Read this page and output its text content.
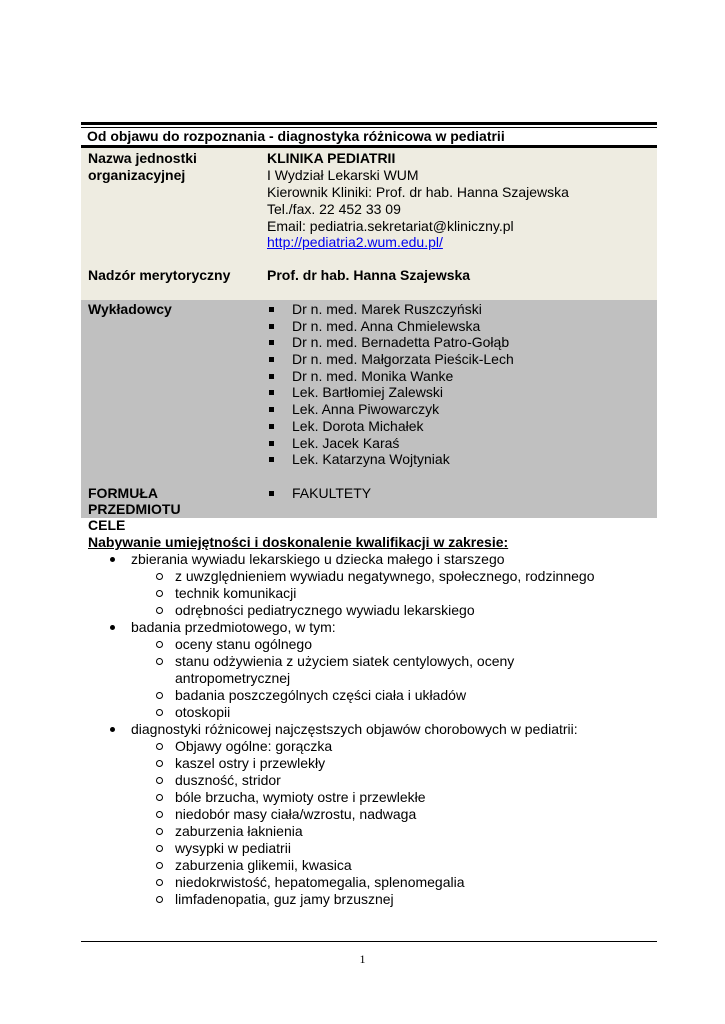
Od objawu do rozpoznania - diagnostyka różnicowa w pediatrii
Nazwa jednostki
organizacyjnej
KLINIKA PEDIATRII
I Wydział Lekarski WUM
Kierownik Kliniki: Prof. dr hab. Hanna Szajewska
Tel./fax. 22 452 33 09
Email: pediatria.sekretariat@kliniczny.pl
http://pediatria2.wum.edu.pl/
Nadzór merytoryczny	Prof. dr hab. Hanna Szajewska
Wykładowcy	Dr n. med. Marek Ruszczyński
Dr n. med. Anna Chmielewska
Dr n. med. Bernadetta Patro-Gołąb
Dr n. med. Małgorzata Pieścik-Lech
Dr n. med. Monika Wanke
Lek. Bartłomiej Zalewski
Lek. Anna Piwowarczyk
Lek. Dorota Michałek
Lek. Jacek Karaś
Lek. Katarzyna Wojtyniak
FORMUŁA
PRZEDMIOTU
FAKULTETY
CELE
Nabywanie umiejętności i doskonalenie kwalifikacji w zakresie:
zbierania wywiadu lekarskiego u dziecka małego i starszego
z uwzględnieniem wywiadu negatywnego, społecznego, rodzinnego
technik komunikacji
odrębności pediatrycznego wywiadu lekarskiego
badania przedmiotowego, w tym:
oceny stanu ogólnego
stanu odżywienia z użyciem siatek centylowych, oceny
antropometrycznej
badania poszczególnych części ciała i układów
otoskopii
diagnostyki różnicowej najczęstszych objawów chorobowych w pediatrii:
Objawy ogólne: gorączka
kaszel ostry i przewlekły
duszność, stridor
bóle brzucha, wymioty ostre i przewlekłe
niedobór masy ciała/wzrostu, nadwaga
zaburzenia łaknienia
wysypki w pediatrii
zaburzenia glikemii, kwasica
niedokrwistość, hepatomegalia, splenomegalia
limfadenopatia, guz jamy brzusznej
1
